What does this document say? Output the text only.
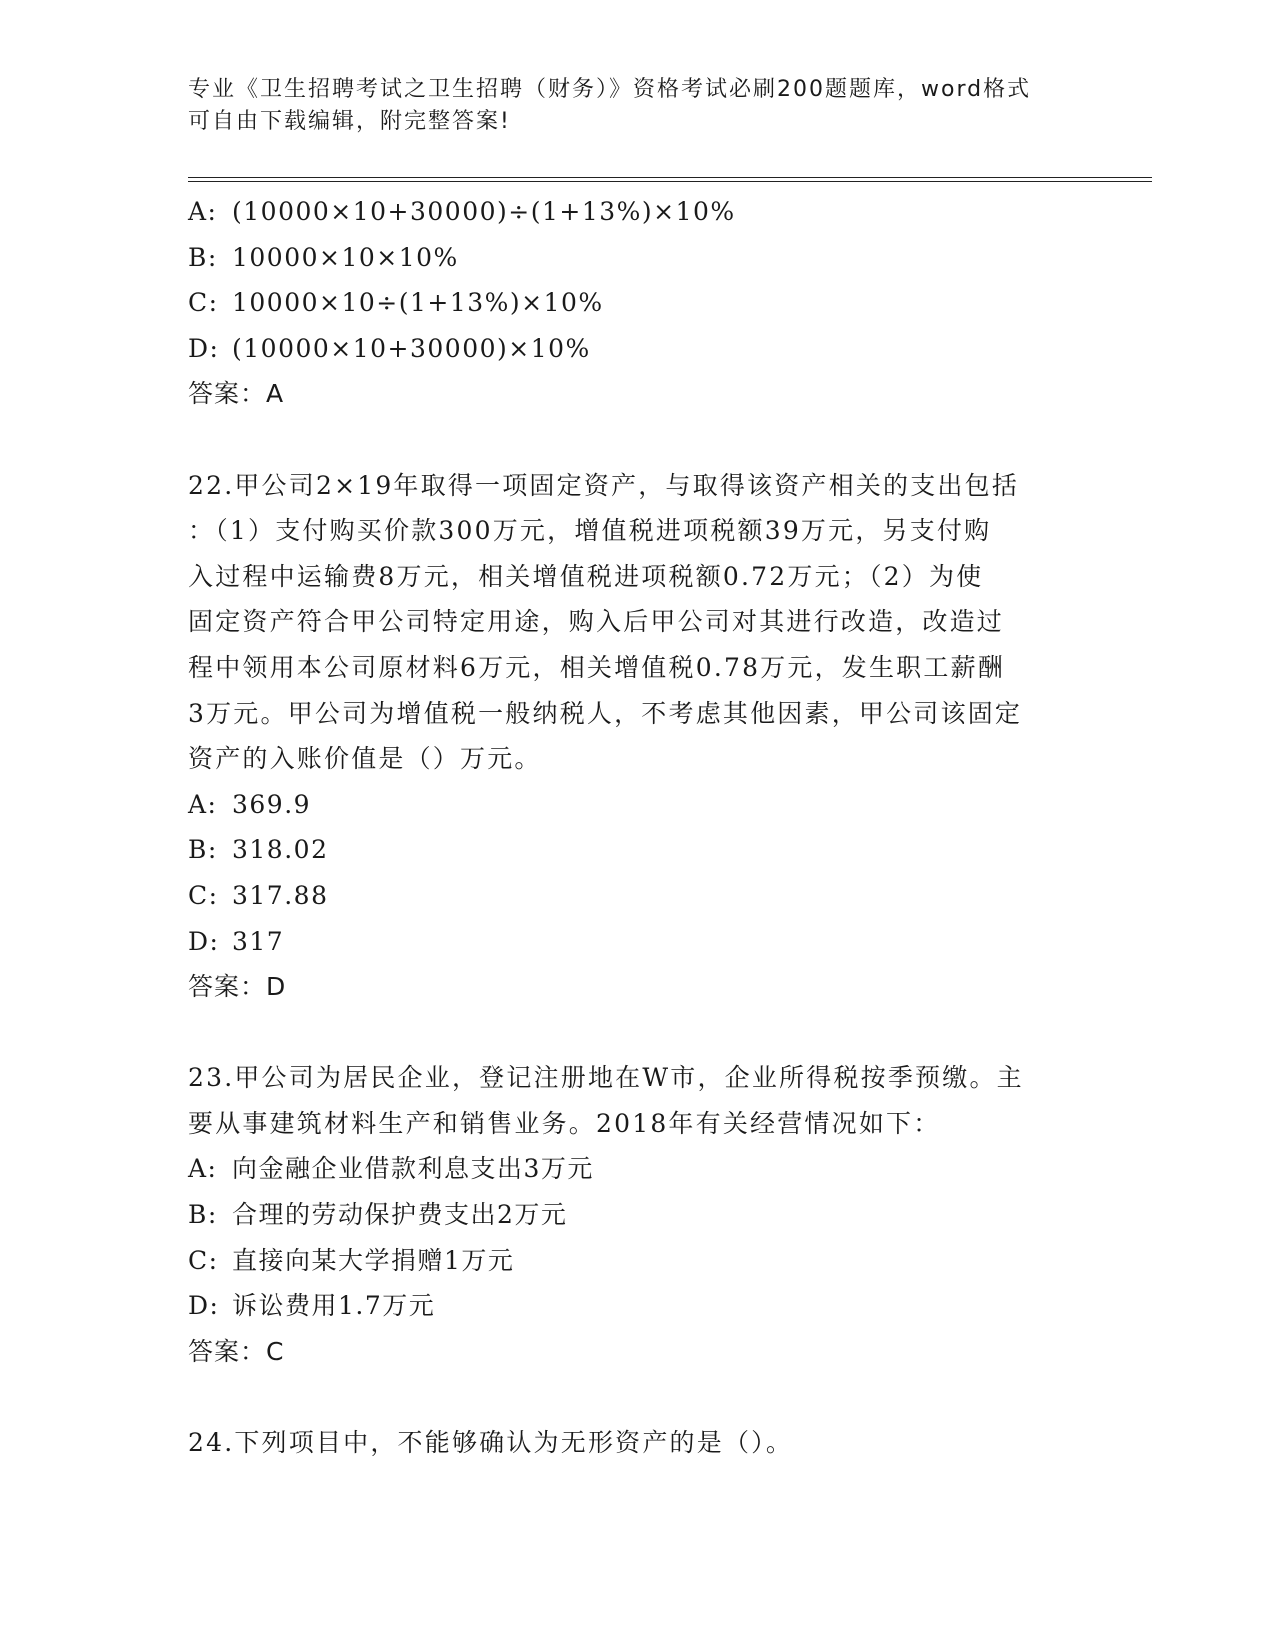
专业《卫生招聘考试之卫生招聘（财务）》资格考试必刷200题题库，word格式
可自由下载编辑，附完整答案!
A: (10000×10+30000)÷(1+13%)×10%
B: 10000×10×10%
C: 10000×10÷(1+13%)×10%
D: (10000×10+30000)×10%
答案：A
22.甲公司2×19年取得一项固定资产，与取得该资产相关的支出包括
：（1）支付购买价款300万元，增值税进项税额39万元，另支付购
入过程中运输费8万元，相关增值税进项税额0.72万元；（2）为使
固定资产符合甲公司特定用途，购入后甲公司对其进行改造，改造过
程中领用本公司原材料6万元，相关增值税0.78万元，发生职工薪酬
3万元。甲公司为增值税一般纳税人，不考虑其他因素，甲公司该固定
资产的入账价值是（）万元。
A: 369.9
B: 318.02
C: 317.88
D: 317
答案：D
23.甲公司为居民企业，登记注册地在W市，企业所得税按季预缴。主
要从事建筑材料生产和销售业务。2018年有关经营情况如下：
A: 向金融企业借款利息支出3万元
B: 合理的劳动保护费支出2万元
C: 直接向某大学捐赠1万元
D: 诉讼费用1.7万元
答案：C
24.下列项目中，不能够确认为无形资产的是（）。
